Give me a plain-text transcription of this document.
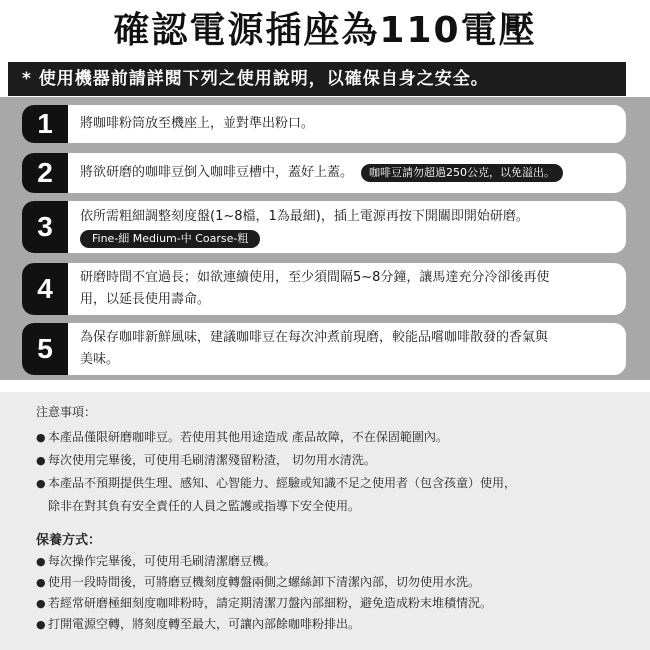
確認電源插座為110電壓
* 使用機器前請詳閱下列之使用說明，以確保自身之安全。
1	將咖啡粉筒放至機座上，並對準出粉口。
2	將欲研磨的咖啡豆倒入咖啡豆槽中，蓋好上蓋。	咖啡豆請勿超過250公克，以免溢出。
3	依所需粗細調整刻度盤(1~8檔，1為最細)，插上電源再按下開關即開始研磨。
Fine-細 Medium-中 Coarse-粗
4	研磨時間不宜過長；如欲連續使用，至少須間隔5~8分鐘，讓馬達充分冷卻後再使
用，以延長使用壽命。
5	為保存咖啡新鮮風味，建議咖啡豆在每次沖煮前現磨，較能品嚐咖啡散發的香氣與
美味。
注意事項：
● 本產品僅限研磨咖啡豆。若使用其他用途造成 產品故障，不在保固範圍內。
● 每次使用完畢後，可使用毛刷清潔殘留粉渣， 切勿用水清洗。
● 本產品不預期提供生理、感知、心智能力、經驗或知識不足之使用者（包含孩童）使用，
除非在對其負有安全責任的人員之監護或指導下安全使用。
保養方式：
● 每次操作完畢後，可使用毛刷清潔磨豆機。
● 使用一段時間後，可將磨豆機刻度轉盤兩側之螺絲卸下清潔內部，切勿使用水洗。
● 若經常研磨極細刻度咖啡粉時，請定期清潔刀盤內部細粉，避免造成粉末堆積情況。
● 打開電源空轉，將刻度轉至最大，可讓內部餘咖啡粉排出。
